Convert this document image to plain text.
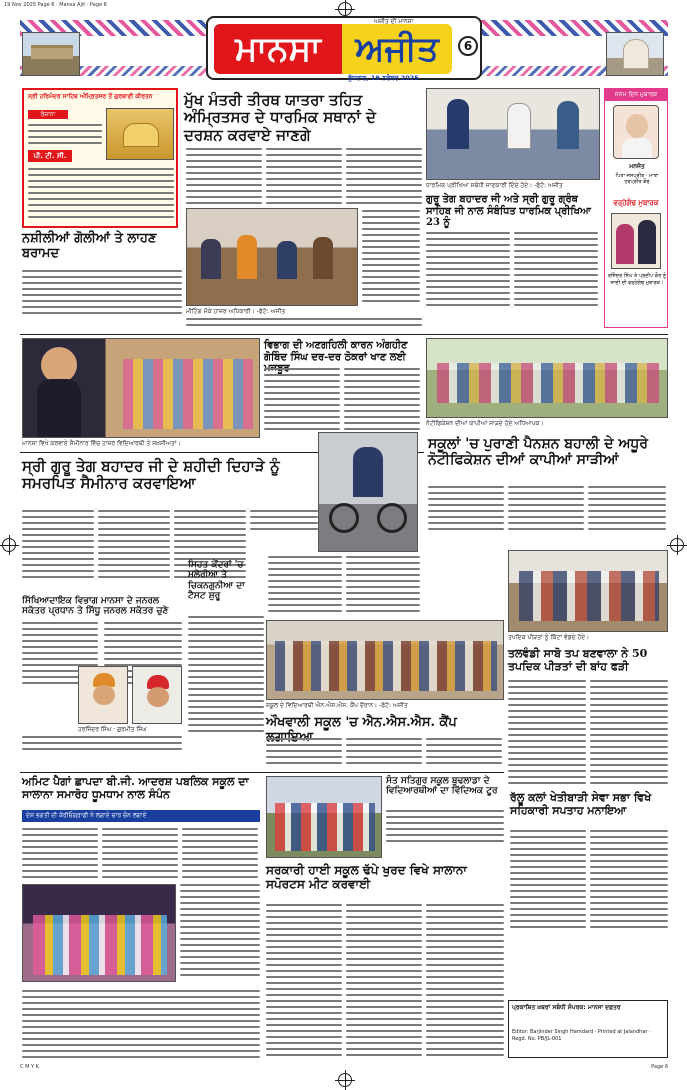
19 Nov 2025 Page 6 · Mansa Ajit · Page 6
ਮਾਨਸਾ	ਅਜੀਤ
ਅਜੀਤ ਦੀ ਮਾਨਸਾ
ਬੁੱਧਵਾਰ, 19 ਨਵੰਬਰ 2025
6
ਸ੍ਰੀ ਹਰਿਮੰਦਰ ਸਾਹਿਬ ਅੰਮ੍ਰਿਤਸਰ ਤੋਂ ਗੁਰਬਾਣੀ ਕੀਰਤਨ
ਰੋਜ਼ਾਨਾ
ਪੀ. ਟੀ. ਸੀ.
ਨਸ਼ੀਲੀਆਂ ਗੋਲੀਆਂ ਤੇ ਲਾਹਣ ਬਰਾਮਦ
ਮੁੱਖ ਮੰਤਰੀ ਤੀਰਥ ਯਾਤਰਾ ਤਹਿਤ ਅੰਮ੍ਰਿਤਸਰ ਦੇ ਧਾਰਮਿਕ ਸਥਾਨਾਂ ਦੇ ਦਰਸ਼ਨ ਕਰਵਾਏ ਜਾਣਗੇ
ਮੀਟਿੰਗ ਮੌਕੇ ਹਾਜ਼ਰ ਅਧਿਕਾਰੀ। -ਫੋਟੋ: ਅਜੀਤ
ਧਾਰਮਿਕ ਪ੍ਰੀਖਿਆ ਸਬੰਧੀ ਜਾਣਕਾਰੀ ਦਿੰਦੇ ਹੋਏ। -ਫੋਟੋ: ਅਜੀਤ
ਗੁਰੂ ਤੇਗ ਬਹਾਦਰ ਜੀ ਅਤੇ ਸ੍ਰੀ ਗੁਰੂ ਗ੍ਰੰਥ ਸਾਹਿਬ ਜੀ ਨਾਲ ਸੰਬੰਧਿਤ ਧਾਰਮਿਕ ਪ੍ਰੀਖਿਆ 23 ਨੂੰ
ਜਨਮ ਦਿਨ ਮੁਬਾਰਕ
ਮਨਜੋਤ
ਪਿਤਾ ਜਸਪ੍ਰੀਤ · ਮਾਤਾ ਹਰਪ੍ਰੀਤ ਕੌਰ
ਵਰ੍ਹੇਗੰਢ ਮੁਬਾਰਕ
ਰਜਿੰਦਰ ਸਿੰਘ ਤੇ ਪ੍ਰਦੀਪ ਕੌਰ ਨੂੰ ਸ਼ਾਦੀ ਦੀ ਵਰ੍ਹੇਗੰਢ ਮੁਬਾਰਕ।
ਮਾਨਸਾ ਵਿਖੇ ਕਰਵਾਏ ਸੈਮੀਨਾਰ ਵਿੱਚ ਹਾਜ਼ਰ ਵਿਦਿਆਰਥੀ ਤੇ ਸਖ਼ਸੀਅਤਾਂ।
ਵਿਭਾਗ ਦੀ ਅਣਗਹਿਲੀ ਕਾਰਨ ਅੰਗਹੀਣ ਗੋਬਿੰਦ ਸਿੰਘ ਦਰ-ਦਰ ਠੋਕਰਾਂ ਖਾਣ ਲਈ
ਨੋਟੀਫਿਕੇਸ਼ਨ ਦੀਆਂ ਕਾਪੀਆਂ ਸਾੜਦੇ ਹੋਏ ਅਧਿਆਪਕ।
ਸ੍ਰੀ ਗੁਰੂ ਤੇਗ ਬਹਾਦਰ ਜੀ ਦੇ ਸ਼ਹੀਦੀ ਦਿਹਾੜੇ ਨੂੰ ਸਮਰਪਿਤ ਸੈਮੀਨਾਰ ਕਰਵਾਇਆ
ਸਕੂਲਾਂ 'ਚ ਪੁਰਾਣੀ ਪੈਨਸ਼ਨ ਬਹਾਲੀ ਦੇ ਅਧੂਰੇ ਨੋਟੀਫਿਕੇਸ਼ਨ ਦੀਆਂ ਕਾਪੀਆਂ ਸਾੜੀਆਂ
ਸਿੱਖਿਆਦਾਇਕ ਵਿਭਾਗ ਮਾਨਸਾ ਦੇ ਜਨਰਲ ਸਕੱਤਰ ਪ੍ਰਧਾਨ ਤੇ ਸਿੱਧੂ ਜਨਰਲ ਸਕੱਤਰ ਚੁਣੇ
ਹਰਜਿੰਦਰ ਸਿੰਘ · ਗੁਰਮੀਤ ਸਿੰਘ
ਸਿਹਤ ਕੇਂਦਰਾਂ 'ਚ ਮਲੇਰੀਆ ਤੇ ਚਿਕਨਗੁਨੀਆ ਦਾ ਟੈਸਟ ਸ਼ੁਰੂ
ਸਕੂਲ ਦੇ ਵਿਦਿਆਰਥੀ ਐਨ.ਐਸ.ਐਸ. ਕੈਂਪ ਦੌਰਾਨ। -ਫੋਟੋ: ਅਜੀਤ
ਤਪਦਿਕ ਪੀੜਤਾਂ ਨੂੰ ਕਿੱਟਾਂ ਵੰਡਦੇ ਹੋਏ।
ਤਲਵੰਡੀ ਸਾਬੋ ਤਪ ਬਣਵਾਲਾ ਨੇ 50 ਤਪਦਿਕ ਪੀੜਤਾਂ ਦੀ ਬਾਂਹ ਫੜੀ
ਔਖਵਾਲੀ ਸਕੂਲ 'ਚ ਐਨ.ਐਸ.ਐਸ. ਕੈਂਪ
ਅਮਿਟ ਪੈਗਾਂ ਛਾਪਦਾ ਬੀ.ਜੀ. ਆਦਰਸ਼ ਪਬਲਿਕ ਸਕੂਲ ਦਾ ਸਾਲਾਨਾ ਸਮਾਰੋਹ ਧੂਮਧਾਮ ਨਾਲ ਸੰਪੰਨ
ਦੇਸ਼ ਭਗਤੀ ਦੀ ਕੋਰੀਓਗ੍ਰਾਫੀ ਨੇ ਲਗਾਏ ਚਾਰ ਚੰਨ ਲਗਾਏ
ਸੰਤ ਸਤਿਗੁਰ ਸਕੂਲ ਬੁਢਲਾਡਾ ਦੇ ਵਿਦਿਆਰਥੀਆਂ ਦਾ ਵਿੱਦਿਅਕ ਟੂਰ
ਸਰਕਾਰੀ ਹਾਈ ਸਕੂਲ ਢੱਪੇ ਖੁਰਦ ਵਿਖੇ ਸਾਲਾਨਾ ਸਪੋਰਟਸ ਮੀਟ ਕਰਵਾਈ
ਰੱਲੂ ਕਲਾਂ ਖੇਤੀਬਾੜੀ ਸੇਵਾ ਸਭਾ ਵਿਖੇ ਸਹਿਕਾਰੀ ਸਪਤਾਹ ਮਨਾਇਆ
ਪ੍ਰਕਾਸ਼ਿਤ ਖ਼ਬਰਾਂ ਸਬੰਧੀ ਸੰਪਰਕ: ਮਾਨਸਾ ਦਫ਼ਤਰ
Editor: Barjinder Singh Hamdard · Printed at Jalandhar · Regd. No. PB/JL-001
C M Y K	Page 6
